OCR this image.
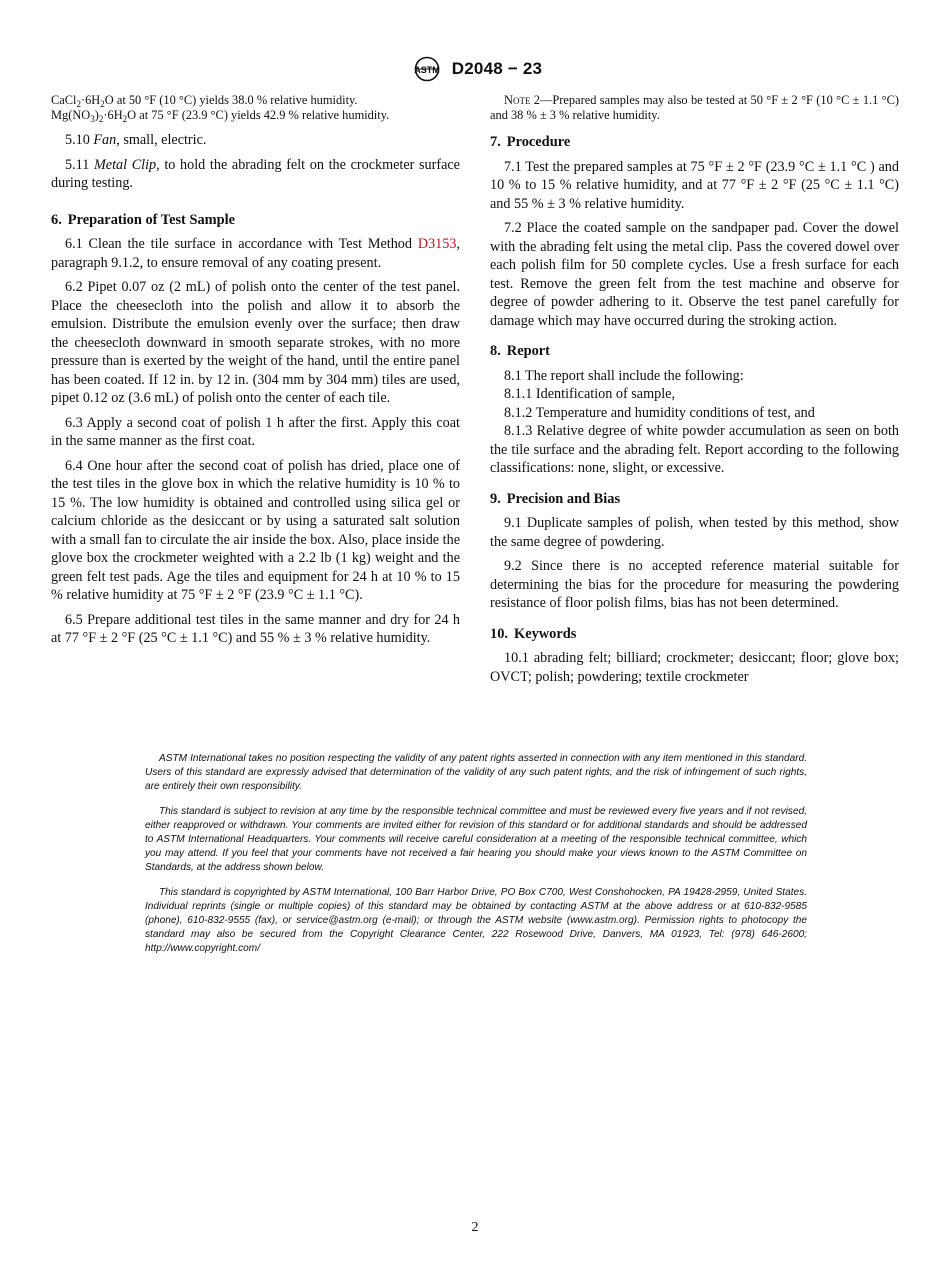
ASTM D2048 − 23

$CaCl_2\cdot 6H_2O$ at 50 °F (10 °C) yields 38.0 % relative humidity.

$Mg(NO_3)_2\cdot 6H_2O$ at 75 °F (23.9 °C) yields 42.9 % relative humidity.

5.10 Fan, small, electric.

5.11 Metal Clip, to hold the abrading felt on the crockmeter surface during testing.

6. Preparation of Test Sample

6.1 Clean the tile surface in accordance with Test Method D3153, paragraph 9.1.2, to ensure removal of any coating present.

6.2 Pipet 0.07 oz (2 mL) of polish onto the center of the test panel. Place the cheesecloth into the polish and allow it to absorb the emulsion. Distribute the emulsion evenly over the surface; then draw the cheesecloth downward in smooth separate strokes, with no more pressure than is exerted by the weight of the hand, until the entire panel has been coated. If 12 in. by 12 in. (304 mm by 304 mm) tiles are used, pipet 0.12 oz (3.6 mL) of polish onto the center of each tile.

6.3 Apply a second coat of polish 1 h after the first. Apply this coat in the same manner as the first coat.

6.4 One hour after the second coat of polish has dried, place one of the test tiles in the glove box in which the relative humidity is 10 % to 15 %. The low humidity is obtained and controlled using silica gel or calcium chloride as the desiccant or by using a saturated salt solution with a small fan to circulate the air inside the box. Also, place inside the glove box the crockmeter weighted with a 2.2 lb (1 kg) weight and the green felt test pads. Age the tiles and equipment for 24 h at 10 % to 15 % relative humidity at 75 °F ± 2 °F (23.9 °C ± 1.1 °C).

6.5 Prepare additional test tiles in the same manner and dry for 24 h at 77 °F ± 2 °F (25 °C ± 1.1 °C) and 55 % ± 3 % relative humidity.

Note 2—Prepared samples may also be tested at 50 °F ± 2 °F (10 °C ± 1.1 °C) and 38 % ± 3 % relative humidity.

7. Procedure

7.1 Test the prepared samples at 75 °F ± 2 °F (23.9 °C ± 1.1 °C ) and 10 % to 15 % relative humidity, and at 77 °F ± 2 °F (25 °C ± 1.1 °C) and 55 % ± 3 % relative humidity.

7.2 Place the coated sample on the sandpaper pad. Cover the dowel with the abrading felt using the metal clip. Pass the covered dowel over each polish film for 50 complete cycles. Use a fresh surface for each test. Remove the green felt from the test machine and observe for degree of powder adhering to it. Observe the test panel carefully for damage which may have occurred during the stroking action.

8. Report

8.1 The report shall include the following:

8.1.1 Identification of sample,

8.1.2 Temperature and humidity conditions of test, and

8.1.3 Relative degree of white powder accumulation as seen on both the tile surface and the abrading felt. Report according to the following classifications: none, slight, or excessive.

9. Precision and Bias

9.1 Duplicate samples of polish, when tested by this method, show the same degree of powdering.

9.2 Since there is no accepted reference material suitable for determining the bias for the procedure for measuring the powdering resistance of floor polish films, bias has not been determined.

10. Keywords

10.1 abrading felt; billiard; crockmeter; desiccant; floor; glove box; OVCT; polish; powdering; textile crockmeter

ASTM International takes no position respecting the validity of any patent rights asserted in connection with any item mentioned in this standard. Users of this standard are expressly advised that determination of the validity of any such patent rights, and the risk of infringement of such rights, are entirely their own responsibility.

This standard is subject to revision at any time by the responsible technical committee and must be reviewed every five years and if not revised, either reapproved or withdrawn. Your comments are invited either for revision of this standard or for additional standards and should be addressed to ASTM International Headquarters. Your comments will receive careful consideration at a meeting of the responsible technical committee, which you may attend. If you feel that your comments have not received a fair hearing you should make your views known to the ASTM Committee on Standards, at the address shown below.

This standard is copyrighted by ASTM International, 100 Barr Harbor Drive, PO Box C700, West Conshohocken, PA 19428-2959, United States. Individual reprints (single or multiple copies) of this standard may be obtained by contacting ASTM at the above address or at 610-832-9585 (phone), 610-832-9555 (fax), or service@astm.org (e-mail); or through the ASTM website (www.astm.org). Permission rights to photocopy the standard may also be secured from the Copyright Clearance Center, 222 Rosewood Drive, Danvers, MA 01923, Tel: (978) 646-2600; http://www.copyright.com/

2
